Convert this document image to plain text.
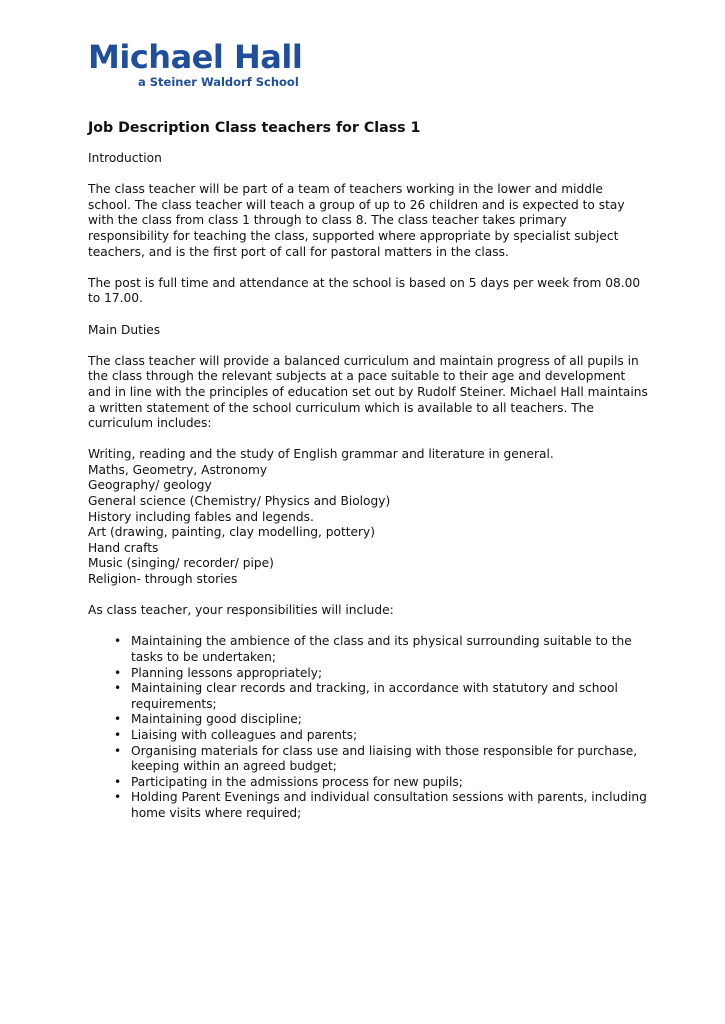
Michael Hall
a Steiner Waldorf School
Job Description Class teachers for Class 1

Introduction

The class teacher will be part of a team of teachers working in the lower and middle school. The class teacher will teach a group of up to 26 children and is expected to stay with the class from class 1 through to class 8. The class teacher takes primary responsibility for teaching the class, supported where appropriate by specialist subject teachers, and is the first port of call for pastoral matters in the class.

The post is full time and attendance at the school is based on 5 days per week from 08.00 to 17.00.

Main Duties

The class teacher will provide a balanced curriculum and maintain progress of all pupils in the class through the relevant subjects at a pace suitable to their age and development and in line with the principles of education set out by Rudolf Steiner. Michael Hall maintains a written statement of the school curriculum which is available to all teachers. The curriculum includes:

Writing, reading and the study of English grammar and literature in general.
Maths, Geometry, Astronomy
Geography/ geology
General science (Chemistry/ Physics and Biology)
History including fables and legends.
Art (drawing, painting, clay modelling, pottery)
Hand crafts
Music (singing/ recorder/ pipe)
Religion- through stories

As class teacher, your responsibilities will include:

• Maintaining the ambience of the class and its physical surrounding suitable to the tasks to be undertaken;
• Planning lessons appropriately;
• Maintaining clear records and tracking, in accordance with statutory and school requirements;
• Maintaining good discipline;
• Liaising with colleagues and parents;
• Organising materials for class use and liaising with those responsible for purchase, keeping within an agreed budget;
• Participating in the admissions process for new pupils;
• Holding Parent Evenings and individual consultation sessions with parents, including home visits where required;
